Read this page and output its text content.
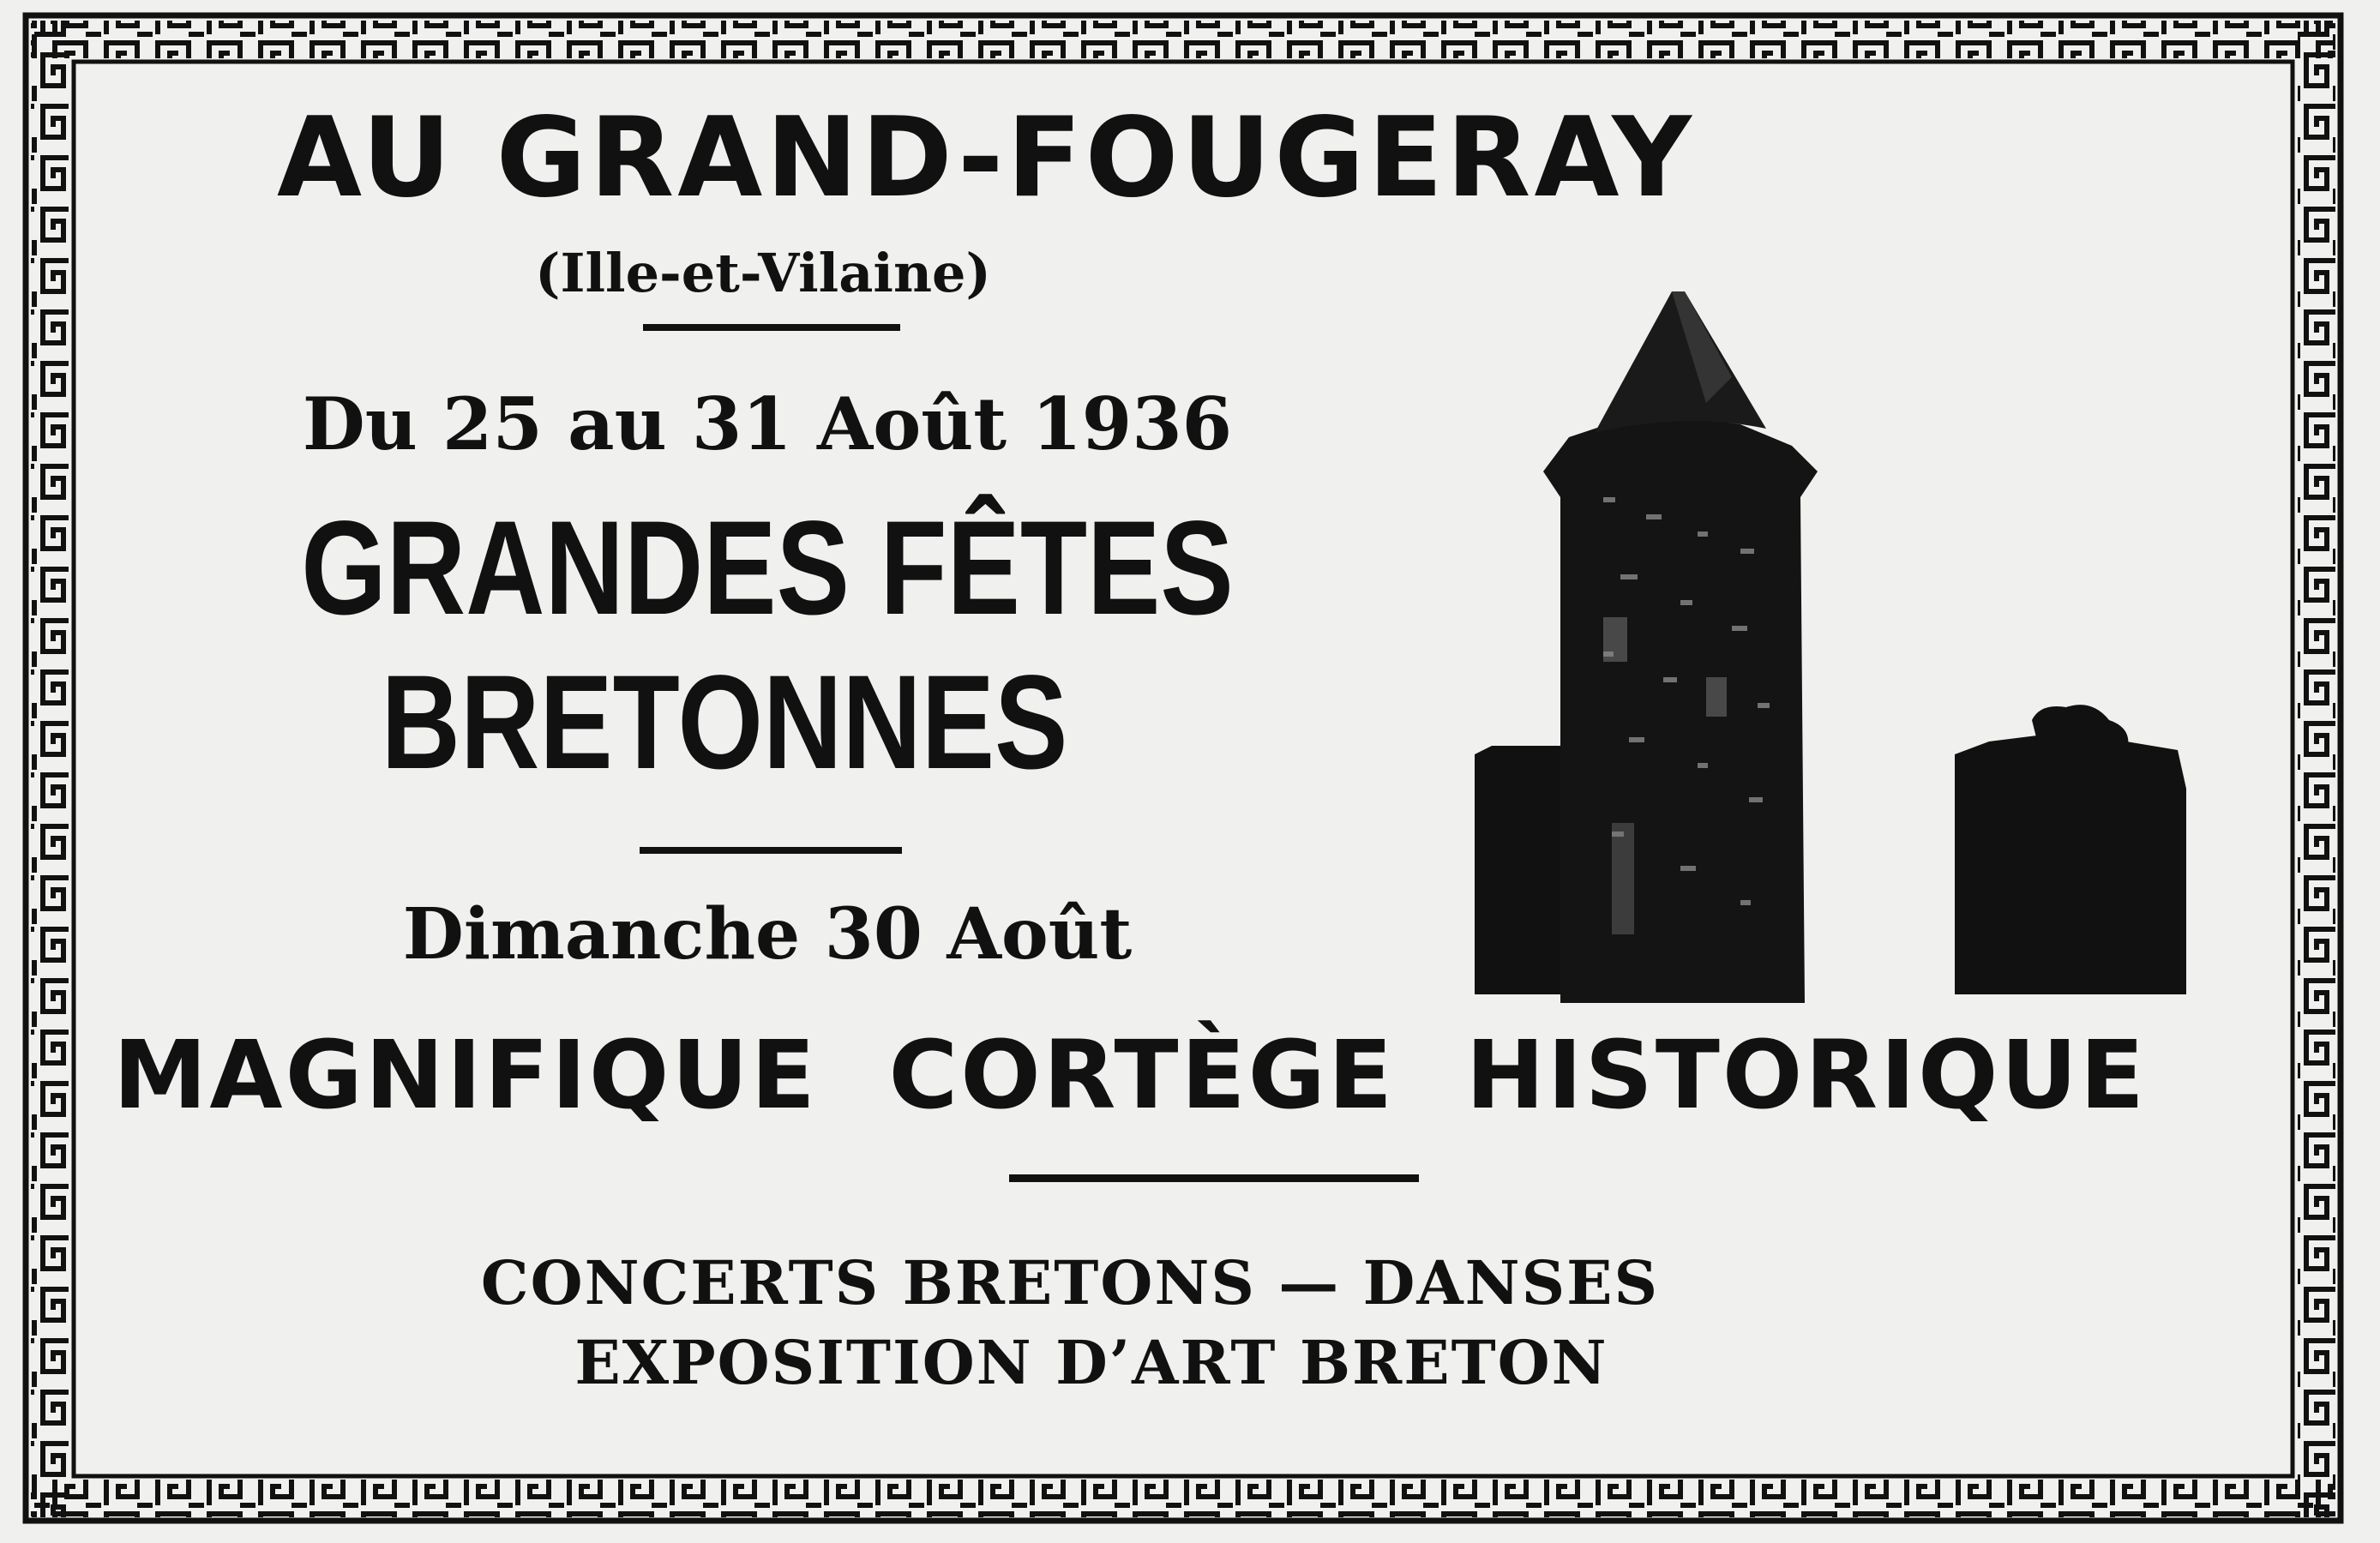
AU GRAND-FOUGERAY
(Ille-et-Vilaine)
Du 25 au 31 Août 1936
GRANDES FÊTES
BRETONNES
Dimanche 30 Août
MAGNIFIQUE  CORTÈGE  HISTORIQUE
CONCERTS BRETONS — DANSES
EXPOSITION D’ART BRETON
